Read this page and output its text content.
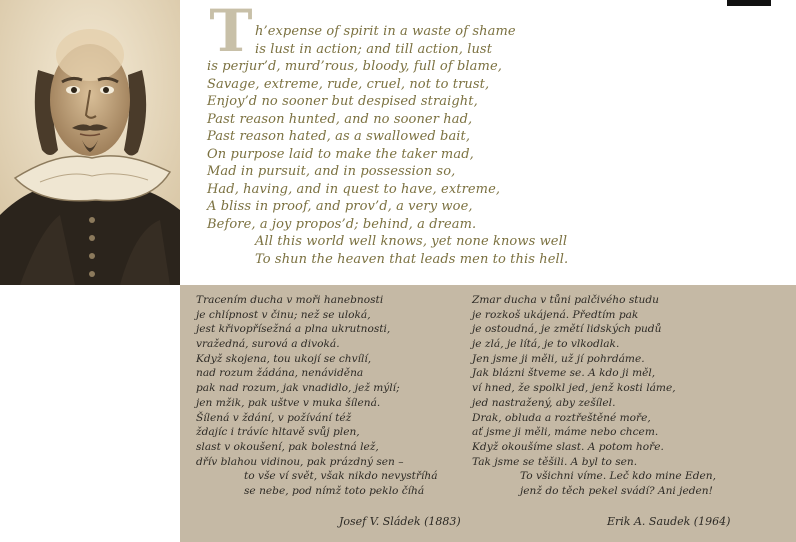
T h’expense of spirit in a waste of shame
is lust in action; and till action, lust
is perjur’d, murd’rous, bloody, full of blame,
Savage, extreme, rude, cruel, not to trust,
Enjoy’d no sooner but despised straight,
Past reason hunted, and no sooner had,
Past reason hated, as a swallowed bait,
On purpose laid to make the taker mad,
Mad in pursuit, and in possession so,
Had, having, and in quest to have, extreme,
A bliss in proof, and prov’d, a very woe,
Before, a joy propos’d; behind, a dream.
All this world well knows, yet none knows well
To shun the heaven that leads men to this hell.
Tracením ducha v moři hanebnosti
je chlípnost v činu; než se uloká,
jest křivopřísežná a plna ukrutnosti,
vražedná, surová a divoká.
Když skojena, tou ukojí se chvílí,
nad rozum žádána, nenáviděna
pak nad rozum, jak vnadidlo, jež mýlí;
jen mžik, pak uštve v muka šílená.
Šílená v ždání, v požívání též
ždajíc i trávíc hltavě svůj plen,
slast v okoušení, pak bolestná lež,
dřív blahou vidinou, pak prázdný sen –
to vše ví svět, však nikdo nevystříhá
se nebe, pod nímž toto peklo číhá
Zmar ducha v tůni palčivého studu
je rozkoš ukájená. Předtím pak
je ostoudná, je změtí lidských pudů
je zlá, je lítá, je to vlkodlak.
Jen jsme ji měli, už jí pohrdáme.
Jak blázni štveme se. A kdo ji měl,
ví hned, že spolkl jed, jenž kosti láme,
jed nastražený, aby zešílel.
Drak, obluda a roztřeštěné moře,
ať jsme ji měli, máme nebo chcem.
Když okoušíme slast. A potom hoře.
Tak jsme se těšili. A byl to sen.
To všichni víme. Leč kdo mine Eden,
jenž do těch pekel svádí? Ani jeden!
Josef V. Sládek (1883)	Erik A. Saudek (1964)
